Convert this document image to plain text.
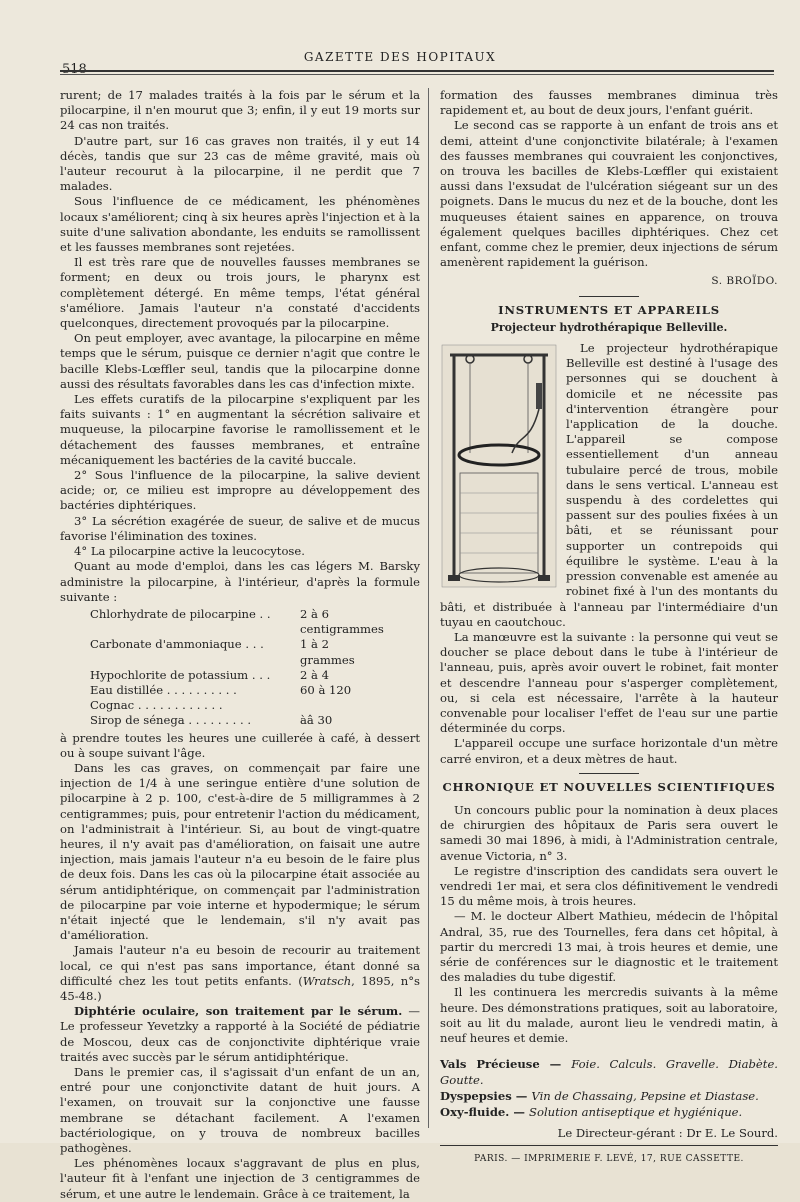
518
GAZETTE DES HOPITAUX

rurent; de 17 malades traités à la fois par le sérum et la pilocarpine, il n'en mourut que 3; enfin, il y eut 19 morts sur 24 cas non traités.

D'autre part, sur 16 cas graves non traités, il y eut 14 décès, tandis que sur 23 cas de même gravité, mais où l'auteur recourut à la pilocarpine, il ne perdit que 7 malades.

Sous l'influence de ce médicament, les phénomènes locaux s'améliorent; cinq à six heures après l'injection et à la suite d'une salivation abondante, les enduits se ramollissent et les fausses membranes sont rejetées.

Il est très rare que de nouvelles fausses membranes se forment; en deux ou trois jours, le pharynx est complètement détergé. En même temps, l'état général s'améliore. Jamais l'auteur n'a constaté d'accidents quelconques, directement provoqués par la pilocarpine.

On peut employer, avec avantage, la pilocarpine en même temps que le sérum, puisque ce dernier n'agit que contre le bacille Klebs-Lœffler seul, tandis que la pilocarpine donne aussi des résultats favorables dans les cas d'infection mixte.

Les effets curatifs de la pilocarpine s'expliquent par les faits suivants : 1° en augmentant la sécrétion salivaire et muqueuse, la pilocarpine favorise le ramollissement et le détachement des fausses membranes, et entraîne mécaniquement les bactéries de la cavité buccale.

2° Sous l'influence de la pilocarpine, la salive devient acide; or, ce milieu est impropre au développement des bactéries diphtériques.

3° La sécrétion exagérée de sueur, de salive et de mucus favorise l'élimination des toxines.

4° La pilocarpine active la leucocytose.

Quant au mode d'emploi, dans les cas légers M. Barsky administre la pilocarpine, à l'intérieur, d'après la formule suivante :

Chlorhydrate de pilocarpine . .	2 à 6 centigrammes
Carbonate d'ammoniaque . . .	1 à 2 grammes
Hypochlorite de potassium . . .	2 à 4
Eau distillée . . . . . . . . . .	60 à 120
Cognac . . . . . . . . . . . .
Sirop de sénega . . . . . . . . .	àâ 30

à prendre toutes les heures une cuillerée à café, à dessert ou à soupe suivant l'âge.

Dans les cas graves, on commençait par faire une injection de 1/4 à une seringue entière d'une solution de pilocarpine à 2 p. 100, c'est-à-dire de 5 milligrammes à 2 centigrammes; puis, pour entretenir l'action du médicament, on l'administrait à l'intérieur. Si, au bout de vingt-quatre heures, il n'y avait pas d'amélioration, on faisait une autre injection, mais jamais l'auteur n'a eu besoin de le faire plus de deux fois. Dans les cas où la pilocarpine était associée au sérum antidiphtérique, on commençait par l'administration de pilocarpine par voie interne et hypodermique; le sérum n'était injecté que le lendemain, s'il n'y avait pas d'amélioration.

Jamais l'auteur n'a eu besoin de recourir au traitement local, ce qui n'est pas sans importance, étant donné sa difficulté chez les tout petits enfants. (Wratsch, 1895, n°s 45-48.)

Diphtérie oculaire, son traitement par le sérum. — Le professeur Yevetzky a rapporté à la Société de pédiatrie de Moscou, deux cas de conjonctivite diphtérique vraie traités avec succès par le sérum antidiphtérique.

Dans le premier cas, il s'agissait d'un enfant de un an, entré pour une conjonctivite datant de huit jours. A l'examen, on trouvait sur la conjonctive une fausse membrane se détachant facilement. A l'examen bactériologique, on y trouva de nombreux bacilles pathogènes.

Les phénomènes locaux s'aggravant de plus en plus, l'auteur fit à l'enfant une injection de 3 centigrammes de sérum, et une autre le lendemain. Grâce à ce traitement, la

formation des fausses membranes diminua très rapidement et, au bout de deux jours, l'enfant guérit.

Le second cas se rapporte à un enfant de trois ans et demi, atteint d'une conjonctivite bilatérale; à l'examen des fausses membranes qui couvraient les conjonctives, on trouva les bacilles de Klebs-Lœffler qui existaient aussi dans l'exsudat de l'ulcération siégeant sur un des poignets. Dans le mucus du nez et de la bouche, dont les muqueuses étaient saines en apparence, on trouva également quelques bacilles diphtériques. Chez cet enfant, comme chez le premier, deux injections de sérum amenèrent rapidement la guérison.

S. BROÏDO.
INSTRUMENTS ET APPAREILS
Projecteur hydrothérapique Belleville.

Le projecteur hydrothérapique Belleville est destiné à l'usage des personnes qui se douchent à domicile et ne nécessite pas d'intervention étrangère pour l'application de la douche. L'appareil se compose essentiellement d'un anneau tubulaire percé de trous, mobile dans le sens vertical. L'anneau est suspendu à des cordelettes qui passent sur des poulies fixées à un bâti, et se réunissant pour supporter un contrepoids qui équilibre le système. L'eau à la pression convenable est amenée au robinet fixé à l'un des montants du bâti, et distribuée à l'anneau par l'intermédiaire d'un tuyau en caoutchouc.

La manœuvre est la suivante : la personne qui veut se doucher se place debout dans le tube à l'intérieur de l'anneau, puis, après avoir ouvert le robinet, fait monter et descendre l'anneau pour s'asperger complètement, ou, si cela est nécessaire, l'arrête à la hauteur convenable pour localiser l'effet de l'eau sur une partie déterminée du corps.

L'appareil occupe une surface horizontale d'un mètre carré environ, et a deux mètres de haut.

CHRONIQUE ET NOUVELLES SCIENTIFIQUES

Un concours public pour la nomination à deux places de chirurgien des hôpitaux de Paris sera ouvert le samedi 30 mai 1896, à midi, à l'Administration centrale, avenue Victoria, n° 3.

Le registre d'inscription des candidats sera ouvert le vendredi 1er mai, et sera clos définitivement le vendredi 15 du même mois, à trois heures.

— M. le docteur Albert Mathieu, médecin de l'hôpital Andral, 35, rue des Tournelles, fera dans cet hôpital, à partir du mercredi 13 mai, à trois heures et demie, une série de conférences sur le diagnostic et le traitement des maladies du tube digestif.

Il les continuera les mercredis suivants à la même heure. Des démonstrations pratiques, soit au laboratoire, soit au lit du malade, auront lieu le vendredi matin, à neuf heures et demie.

Vals Précieuse — Foie. Calculs. Gravelle. Diabète. Goutte.
Dyspepsies — Vin de Chassaing, Pepsine et Diastase.
Oxy-fluide. — Solution antiseptique et hygiénique.
Le Directeur-gérant : Dr E. Le Sourd.
PARIS. — IMPRIMERIE F. LEVÉ, 17, RUE CASSETTE.
